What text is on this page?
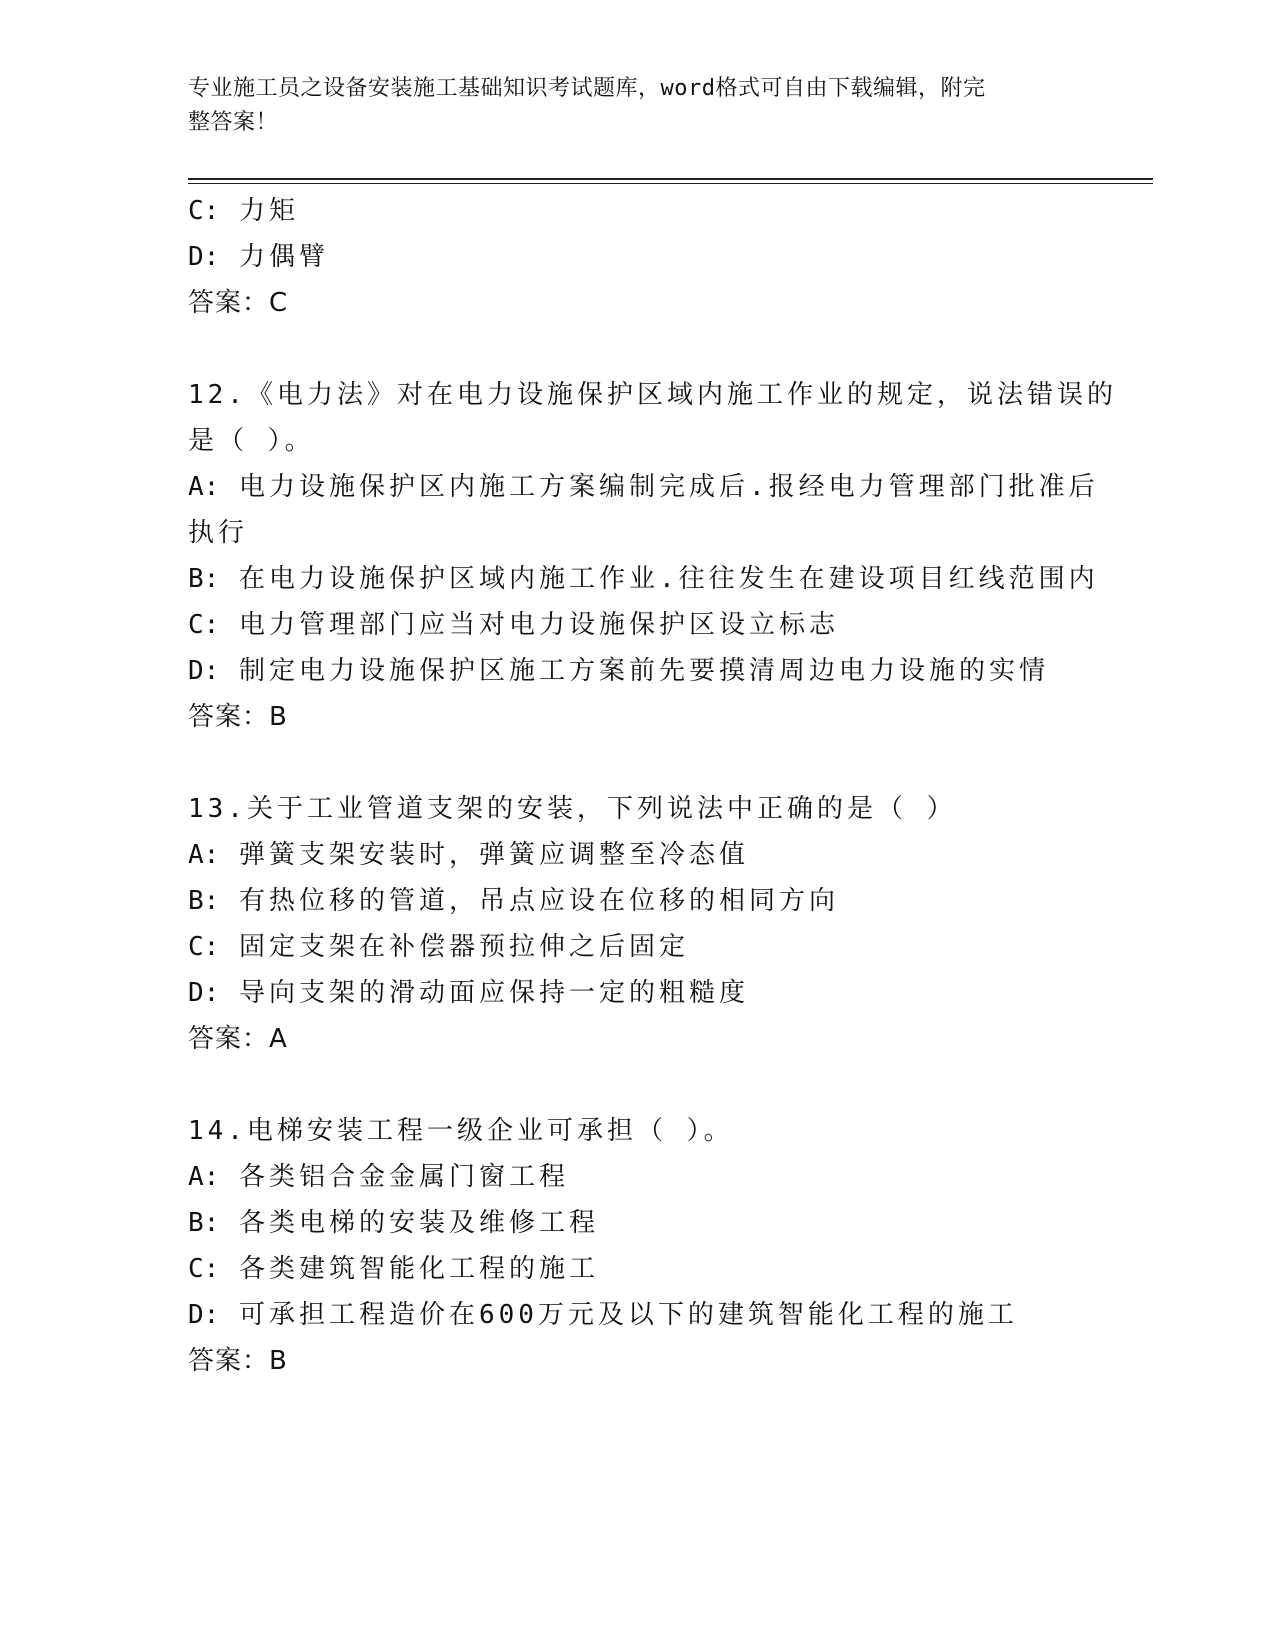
专业施工员之设备安装施工基础知识考试题库，word格式可自由下载编辑，附完
整答案！

C: 力矩

D: 力偶臂

答案：C

12.《电力法》对在电力设施保护区域内施工作业的规定，说法错误的

是（ ）。

A: 电力设施保护区内施工方案编制完成后.报经电力管理部门批准后

执行

B: 在电力设施保护区域内施工作业.往往发生在建设项目红线范围内

C: 电力管理部门应当对电力设施保护区设立标志

D: 制定电力设施保护区施工方案前先要摸清周边电力设施的实情

答案：B

13.关于工业管道支架的安装，下列说法中正确的是（ ）

A: 弹簧支架安装时，弹簧应调整至冷态值

B: 有热位移的管道，吊点应设在位移的相同方向

C: 固定支架在补偿器预拉伸之后固定

D: 导向支架的滑动面应保持一定的粗糙度

答案：A

14.电梯安装工程一级企业可承担（ ）。

A: 各类铝合金金属门窗工程

B: 各类电梯的安装及维修工程

C: 各类建筑智能化工程的施工

D: 可承担工程造价在600万元及以下的建筑智能化工程的施工

答案：B
